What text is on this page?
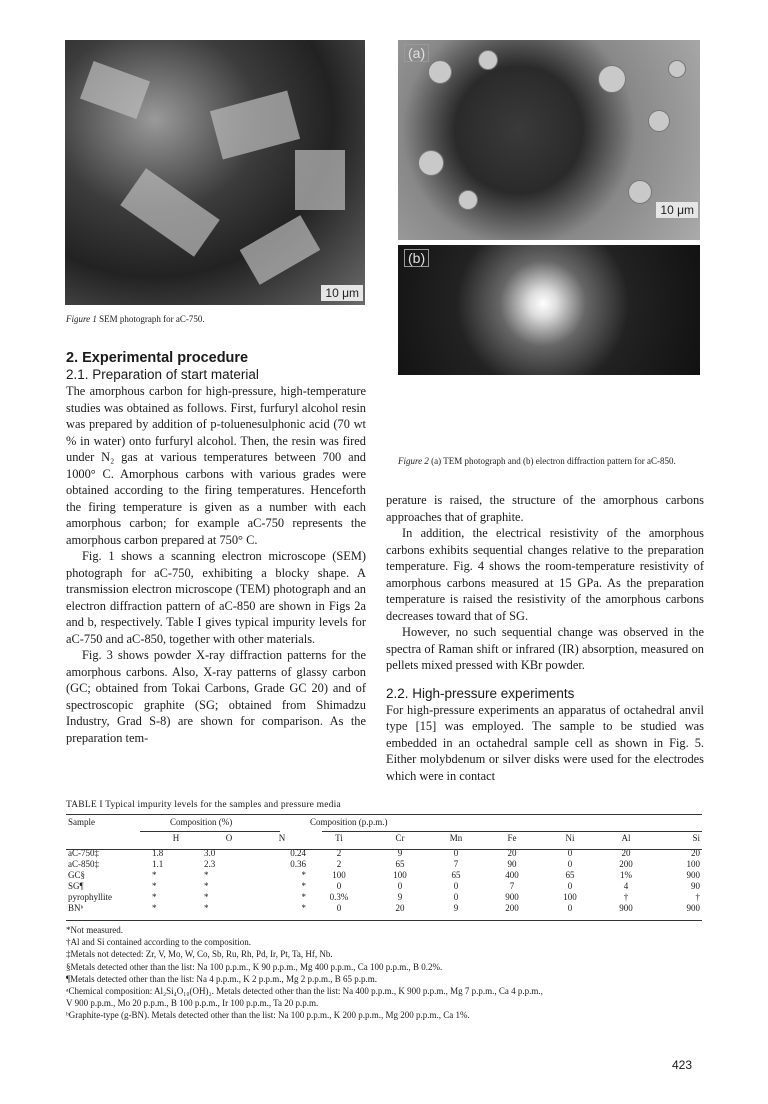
10 μm
Figure 1 SEM photograph for aC-750.
(a)
10 μm
(b)
Figure 2 (a) TEM photograph and (b) electron diffraction pattern for aC-850.
2. Experimental procedure
2.1. Preparation of start material

The amorphous carbon for high-pressure, high-temperature studies was obtained as follows. First, furfuryl alcohol resin was prepared by addition of p-toluenesulphonic acid (70 wt % in water) onto furfuryl alcohol. Then, the resin was fired under N₂ gas at various temperatures between 700 and 1000° C. Amorphous carbons with various grades were obtained according to the firing temperatures. Henceforth the firing temperature is given as a number with each amorphous carbon; for example aC-750 represents the amorphous carbon prepared at 750° C.

Fig. 1 shows a scanning electron microscope (SEM) photograph for aC-750, exhibiting a blocky shape. A transmission electron microscope (TEM) photograph and an electron diffraction pattern of aC-850 are shown in Figs 2a and b, respectively. Table I gives typical impurity levels for aC-750 and aC-850, together with other materials.

Fig. 3 shows powder X-ray diffraction patterns for the amorphous carbons. Also, X-ray patterns of glassy carbon (GC; obtained from Tokai Carbons, Grade GC 20) and of spectroscopic graphite (SG; obtained from Shimadzu Industry, Grad S-8) are shown for comparison. As the preparation tem-

perature is raised, the structure of the amorphous carbons approaches that of graphite.

In addition, the electrical resistivity of the amorphous carbons exhibits sequential changes relative to the preparation temperature. Fig. 4 shows the room-temperature resistivity of amorphous carbons measured at 15 GPa. As the preparation temperature is raised the resistivity of the amorphous carbons decreases toward that of SG.

However, no such sequential change was observed in the spectra of Raman shift or infrared (IR) absorption, measured on pellets mixed pressed with KBr powder.

2.2. High-pressure experiments

For high-pressure experiments an apparatus of octahedral anvil type [15] was employed. The sample to be studied was embedded in an octahedral sample cell as shown in Fig. 5. Either molybdenum or silver disks were used for the electrodes which were in contact

TABLE I Typical impurity levels for the samples and pressure media
Sample	Composition (%)			Composition (p.p.m.)						
	H	O	N	Ti	Cr	Mn	Fe	Ni	Al	Si
aC-750‡	1.8	3.0	0.24	2	9	0	20	0	20	20
aC-850‡	1.1	2.3	0.36	2	65	7	90	0	200	100
GC§	*	*	*	100	100	65	400	65	1%	900
SG¶	*	*	*	0	0	0	7	0	4	90
pyrophyllite	*	*	*	0.3%	9	0	900	100	†	†
BNᵇ	*	*	*	0	20	9	200	0	900	900
*Not measured.
†Al and Si contained according to the composition.
‡Metals not detected: Zr, V, Mo, W, Co, Sb, Ru, Rh, Pd, Ir, Pt, Ta, Hf, Nb.
§Metals detected other than the list: Na 100 p.p.m., K 90 p.p.m., Mg 400 p.p.m., Ca 100 p.p.m., B 0.2%.
¶Metals detected other than the list: Na 4 p.p.m., K 2 p.p.m., Mg 2 p.p.m., B 65 p.p.m.
ᵃChemical composition: Al₂Si₄O₁₀(OH)₂. Metals detected other than the list: Na 400 p.p.m., K 900 p.p.m., Mg 7 p.p.m., Ca 4 p.p.m.,
V 900 p.p.m., Mo 20 p.p.m., B 100 p.p.m., Ir 100 p.p.m., Ta 20 p.p.m.
ᵇGraphite-type (g-BN). Metals detected other than the list: Na 100 p.p.m., K 200 p.p.m., Mg 200 p.p.m., Ca 1%.
423
